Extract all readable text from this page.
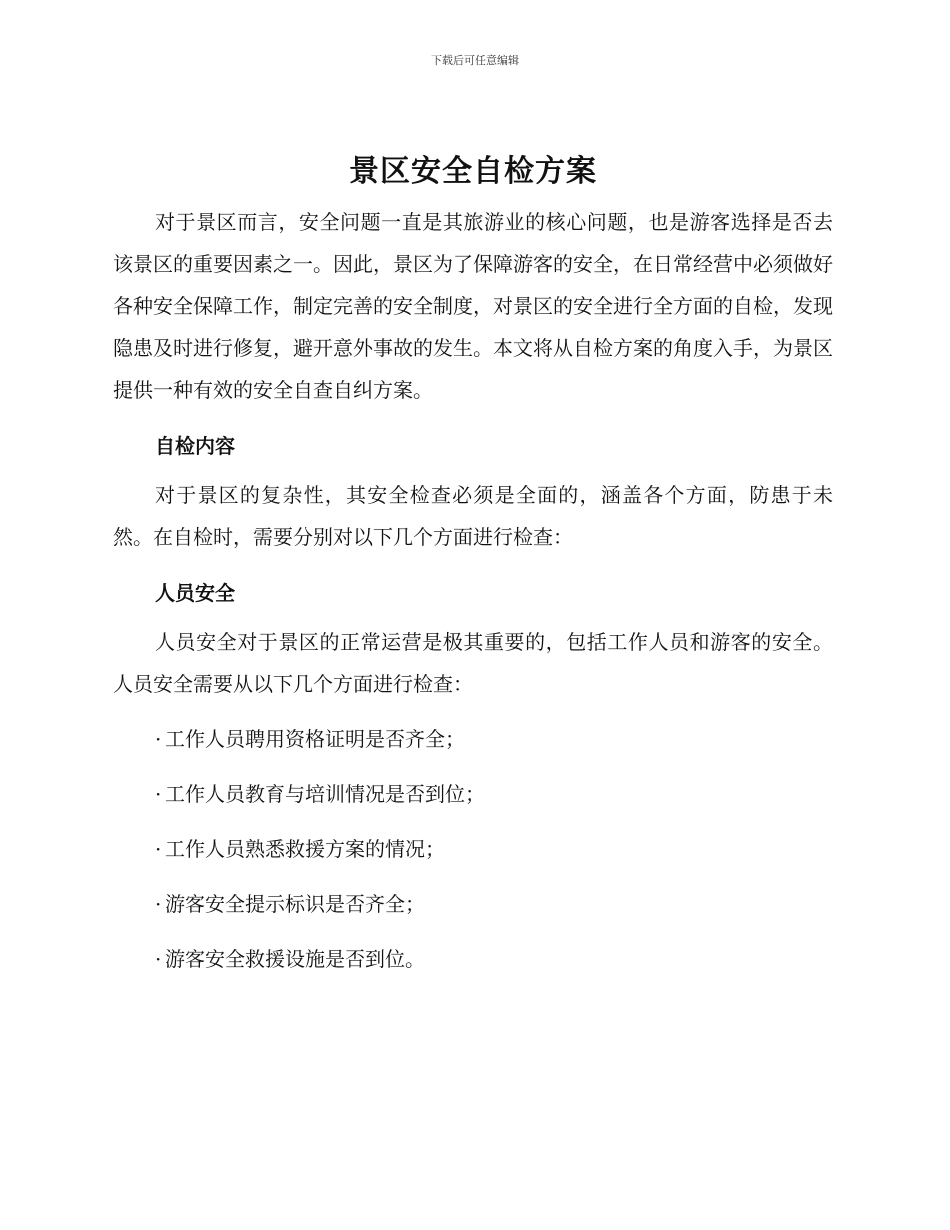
下载后可任意编辑
景区安全自检方案

对于景区而言，安全问题一直是其旅游业的核心问题，也是游客选择是否去该景区的重要因素之一。因此，景区为了保障游客的安全，在日常经营中必须做好各种安全保障工作，制定完善的安全制度，对景区的安全进行全方面的自检，发现隐患及时进行修复，避开意外事故的发生。本文将从自检方案的角度入手，为景区提供一种有效的安全自查自纠方案。

自检内容

对于景区的复杂性，其安全检查必须是全面的，涵盖各个方面，防患于未然。在自检时，需要分别对以下几个方面进行检查：

人员安全

人员安全对于景区的正常运营是极其重要的，包括工作人员和游客的安全。人员安全需要从以下几个方面进行检查：

· 工作人员聘用资格证明是否齐全；
· 工作人员教育与培训情况是否到位；
· 工作人员熟悉救援方案的情况；
· 游客安全提示标识是否齐全；
· 游客安全救援设施是否到位。
